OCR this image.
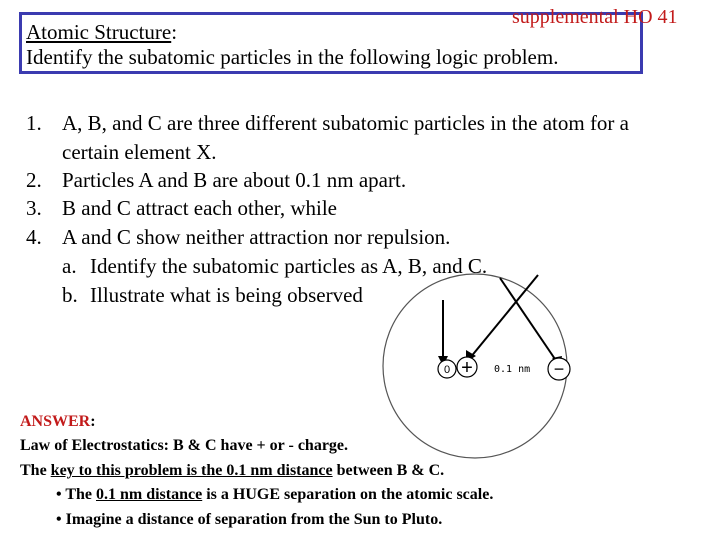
supplemental HO 41
Atomic Structure:
Identify the subatomic particles in the following logic problem.
1. A, B, and C are three different subatomic particles in the atom for a
certain element X.
2. Particles A and B are about 0.1 nm apart.
3. B and C attract each other, while
4. A and C show neither attraction nor repulsion.
a. Identify the subatomic particles as A, B, and C.
b. Illustrate what is being observed
0 + 0.1 nm −
ANSWER:
Law of Electrostatics: B & C have + or - charge.
The key to this problem is the 0.1 nm distance between B & C.
• The 0.1 nm distance is a HUGE separation on the atomic scale.
• Imagine a distance of separation from the Sun to Pluto.
